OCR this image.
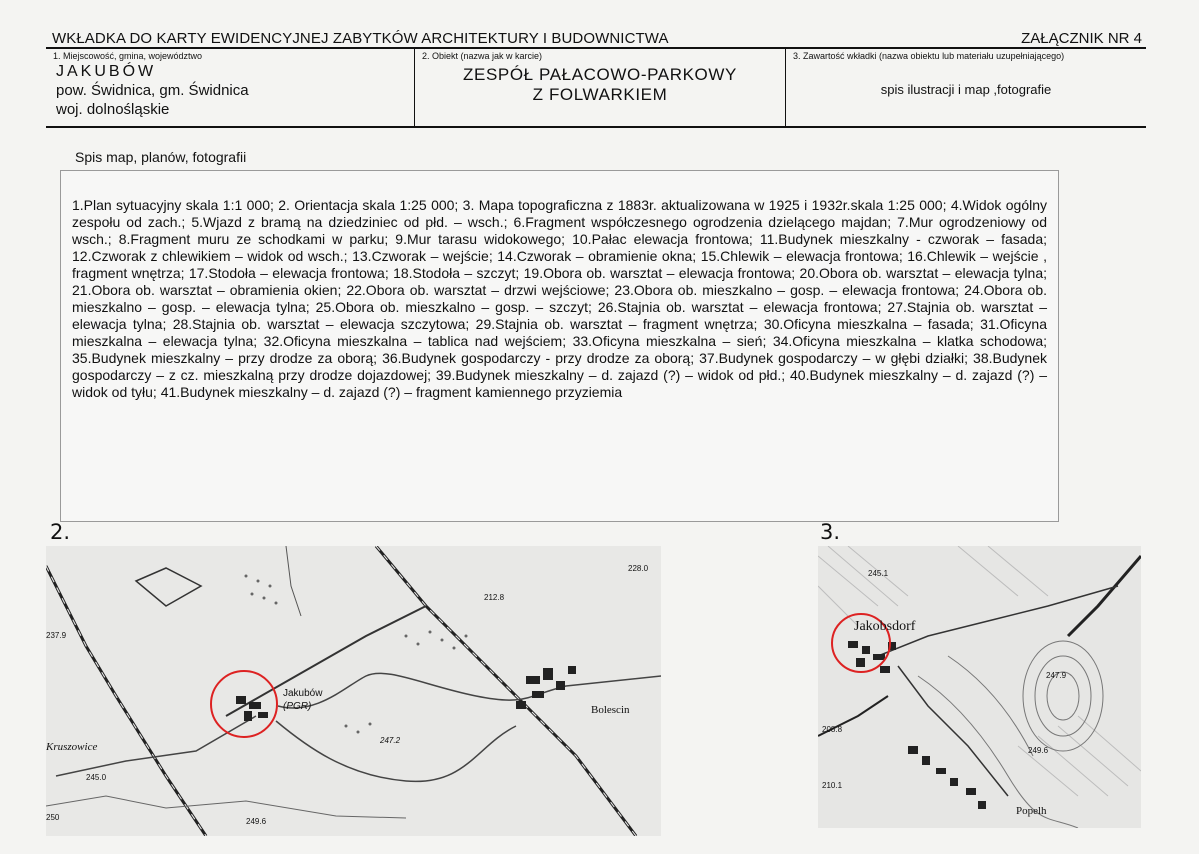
WKŁADKA DO KARTY EWIDENCYJNEJ ZABYTKÓW ARCHITEKTURY I BUDOWNICTWA	ZAŁĄCZNIK NR 4
1. Miejscowość, gmina, województwo
JAKUBÓW
pow. Świdnica, gm. Świdnica
woj. dolnośląskie
2. Obiekt (nazwa jak w karcie)
ZESPÓŁ PAŁACOWO-PARKOWY
Z FOLWARKIEM
3. Zawartość wkładki (nazwa obiektu lub materiału uzupełniającego)
spis ilustracji i map ,fotografie
Spis map, planów, fotografii
1.Plan sytuacyjny skala 1:1 000; 2. Orientacja skala 1:25 000; 3. Mapa topograficzna z 1883r. aktualizowana w 1925 i 1932r.skala 1:25 000; 4.Widok ogólny zespołu od zach.; 5.Wjazd z bramą na dziedziniec od płd. – wsch.; 6.Fragment współczesnego ogrodzenia dzielącego majdan; 7.Mur ogrodzeniowy od wsch.; 8.Fragment muru ze schodkami w parku; 9.Mur tarasu widokowego; 10.Pałac elewacja frontowa; 11.Budynek mieszkalny - czworak – fasada; 12.Czworak z chlewikiem – widok od wsch.; 13.Czworak – wejście; 14.Czworak – obramienie okna; 15.Chlewik – elewacja frontowa; 16.Chlewik – wejście , fragment wnętrza; 17.Stodoła – elewacja frontowa; 18.Stodoła – szczyt; 19.Obora ob. warsztat – elewacja frontowa; 20.Obora ob. warsztat – elewacja tylna; 21.Obora ob. warsztat – obramienia okien; 22.Obora ob. warsztat – drzwi wejściowe; 23.Obora ob. mieszkalno – gosp. – elewacja frontowa; 24.Obora ob. mieszkalno – gosp. – elewacja tylna; 25.Obora ob. mieszkalno – gosp. – szczyt; 26.Stajnia ob. warsztat – elewacja frontowa; 27.Stajnia ob. warsztat – elewacja tylna; 28.Stajnia ob. warsztat – elewacja szczytowa; 29.Stajnia ob. warsztat – fragment wnętrza; 30.Oficyna mieszkalna – fasada; 31.Oficyna mieszkalna – elewacja tylna; 32.Oficyna mieszkalna – tablica nad wejściem; 33.Oficyna mieszkalna – sień; 34.Oficyna mieszkalna – klatka schodowa; 35.Budynek mieszkalny – przy drodze za oborą; 36.Budynek gospodarczy - przy drodze za oborą; 37.Budynek gospodarczy – w głębi działki; 38.Budynek gospodarczy – z cz. mieszkalną przy drodze dojazdowej; 39.Budynek mieszkalny – d. zajazd (?) – widok od płd.; 40.Budynek mieszkalny – d. zajazd (?) – widok od tyłu; 41.Budynek mieszkalny – d. zajazd (?) – fragment kamiennego przyziemia
2.
Jakubów
(PGR)	Bolescin
Kruszowice
228.0
212.8
247.2
249.6
245.0
237.9
250
3.
Jakobsdorf
245.1
247.9
249.6
Popelh
208.8
210.1
